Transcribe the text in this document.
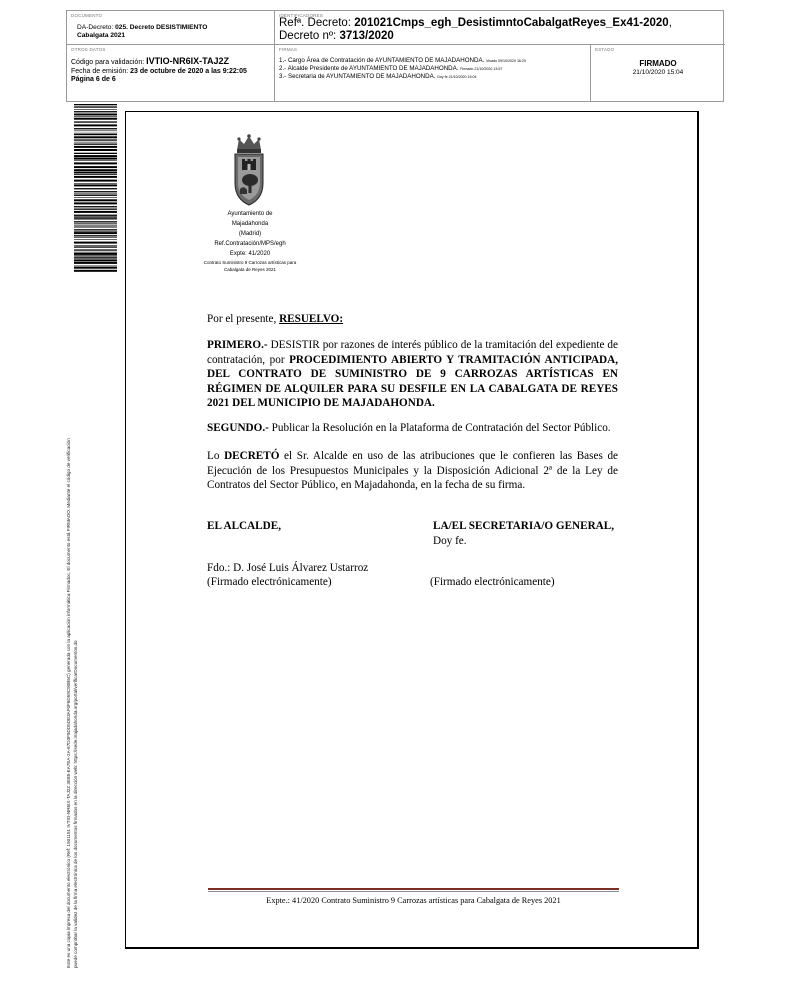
DOCUMENTO
DA-Decreto: 025. Decreto DESISTIMIENTO
Cabalgata 2021
IDENTIFICADORES
Refª. Decreto: 201021Cmps_egh_DesistimntoCabalgatReyes_Ex41-2020,
Decreto nº: 3713/2020
OTROS DATOS
Código para validación: IVTIO-NR6IX-TAJ2Z
Fecha de emisión: 23 de octubre de 2020 a las 9:22:05
Página 6 de 6
FIRMAS
1.- Cargo Área de Contratación de AYUNTAMIENTO DE MAJADAHONDA. Visado 09/10/2020 16:20
2.- Alcalde Presidente de AYUNTAMIENTO DE MAJADAHONDA. Firmado 21/10/2020 13:57
3.- Secretaria de AYUNTAMIENTO DE MAJADAHONDA. Doy fe 21/10/2020 15:04
ESTADO
FIRMADO
21/10/2020 15:04
Este es una copia impresa del documento electrónico (Ref: 1501151 IVTIO-NR6IX-TAJ2Z 3E85-EA7EA-2A-67D3F8DD5DE3AF0F6D59C90B5C) generada con la aplicación informática Firmadoc. El documento está FIRMADO. Mediante el código de verificación puede comprobar la validez de la firma electrónica de los documentos firmados en la dirección web: https://sede.majadahonda.org/portal/verificarDocumentos.do
Ayuntamiento de
Majadahonda
(Madrid)
Ref.Contratación/MPS/egh
Expte: 41/2020
Contrato Suministro 9 Carrozas artísticas para
Cabalgata de Reyes 2021
Por el presente, RESUELVO:
PRIMERO.- DESISTIR por razones de interés público de la tramitación del expediente de contratación, por PROCEDIMIENTO ABIERTO Y TRAMITACIÓN ANTICIPADA, DEL CONTRATO DE SUMINISTRO DE 9 CARROZAS ARTÍSTICAS EN RÉGIMEN DE ALQUILER PARA SU DESFILE EN LA CABALGATA DE REYES 2021 DEL MUNICIPIO DE MAJADAHONDA.
SEGUNDO.- Publicar la Resolución en la Plataforma de Contratación del Sector Público.
Lo DECRETÓ el Sr. Alcalde en uso de las atribuciones que le confieren las Bases de Ejecución de los Presupuestos Municipales y la Disposición Adicional 2ª de la Ley de Contratos del Sector Público, en Majadahonda, en la fecha de su firma.
EL ALCALDE,	LA/EL SECRETARIA/O GENERAL,
Doy fe.
Fdo.: D. José Luis Álvarez Ustarroz
(Firmado electrónicamente)	(Firmado electrónicamente)
Expte.: 41/2020 Contrato Suministro 9 Carrozas artísticas para Cabalgata de Reyes 2021
